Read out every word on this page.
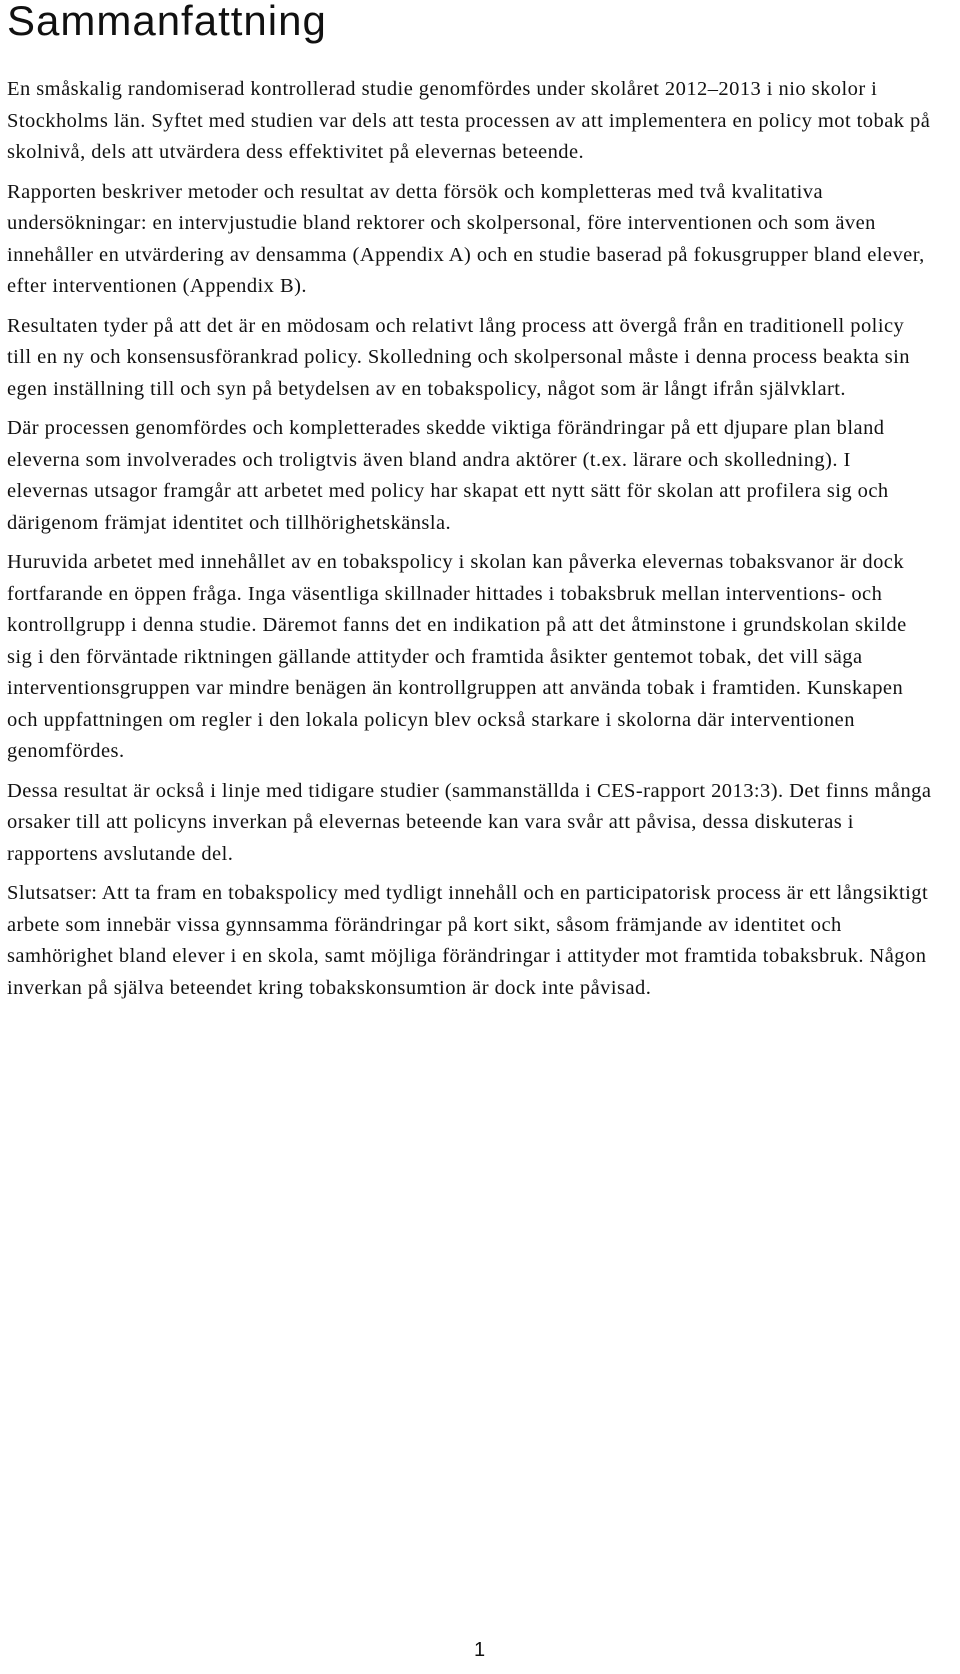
Sammanfattning

En småskalig randomiserad kontrollerad studie genomfördes under skolåret 2012–2013 i nio skolor i Stockholms län. Syftet med studien var dels att testa processen av att implementera en policy mot tobak på skolnivå, dels att utvärdera dess effektivitet på elevernas beteende.

Rapporten beskriver metoder och resultat av detta försök och kompletteras med två kvalitativa undersökningar: en intervjustudie bland rektorer och skolpersonal, före interventionen och som även innehåller en utvärdering av densamma (Appendix A) och en studie baserad på fokusgrupper bland elever, efter interventionen (Appendix B).

Resultaten tyder på att det är en mödosam och relativt lång process att övergå från en traditionell policy till en ny och konsensusförankrad policy. Skolledning och skolpersonal måste i denna process beakta sin egen inställning till och syn på betydelsen av en tobakspolicy, något som är långt ifrån självklart.

Där processen genomfördes och kompletterades skedde viktiga förändringar på ett djupare plan bland eleverna som involverades och troligtvis även bland andra aktörer (t.ex. lärare och skolledning). I elevernas utsagor framgår att arbetet med policy har skapat ett nytt sätt för skolan att profilera sig och därigenom främjat identitet och tillhörighetskänsla.

Huruvida arbetet med innehållet av en tobakspolicy i skolan kan påverka elevernas tobaksvanor är dock fortfarande en öppen fråga. Inga väsentliga skillnader hittades i tobaksbruk mellan interventions- och kontrollgrupp i denna studie. Däremot fanns det en indikation på att det åtminstone i grundskolan skilde sig i den förväntade riktningen gällande attityder och framtida åsikter gentemot tobak, det vill säga interventionsgruppen var mindre benägen än kontrollgruppen att använda tobak i framtiden. Kunskapen och uppfattningen om regler i den lokala policyn blev också starkare i skolorna där interventionen genomfördes.

Dessa resultat är också i linje med tidigare studier (sammanställda i CES-rapport 2013:3). Det finns många orsaker till att policyns inverkan på elevernas beteende kan vara svår att påvisa, dessa diskuteras i rapportens avslutande del.

Slutsatser: Att ta fram en tobakspolicy med tydligt innehåll och en participatorisk process är ett långsiktigt arbete som innebär vissa gynnsamma förändringar på kort sikt, såsom främjande av identitet och samhörighet bland elever i en skola, samt möjliga förändringar i attityder mot framtida tobaksbruk. Någon inverkan på själva beteendet kring tobakskonsumtion är dock inte påvisad.

1
